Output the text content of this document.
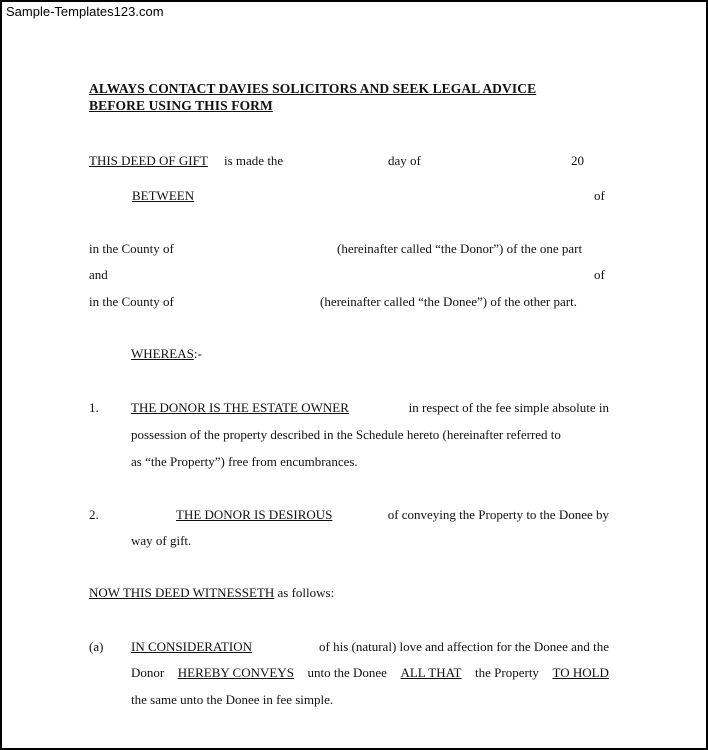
Sample-Templates123.com
ALWAYS CONTACT DAVIES SOLICITORS AND SEEK LEGAL ADVICE
BEFORE USING THIS FORM
THIS DEED OF GIFT is made the	day of	20
BETWEEN	of
in the County of	(hereinafter called “the Donor”) of the one part
and	of
in the County of	(hereinafter called “the Donee”) of the other part.
WHEREAS:-
1. THE DONOR IS THE ESTATE OWNER	in respect of the fee simple absolute in
possession of the property described in the Schedule hereto (hereinafter referred to
as “the Property”) free from encumbrances.
2.	THE DONOR IS DESIROUS	of conveying the Property to the Donee by
way of gift.
NOW THIS DEED WITNESSETH as follows:
(a) IN CONSIDERATION	of his (natural) love and affection for the Donee and the
Donor HEREBY CONVEYS unto the Donee ALL THAT the Property TO HOLD
the same unto the Donee in fee simple.
